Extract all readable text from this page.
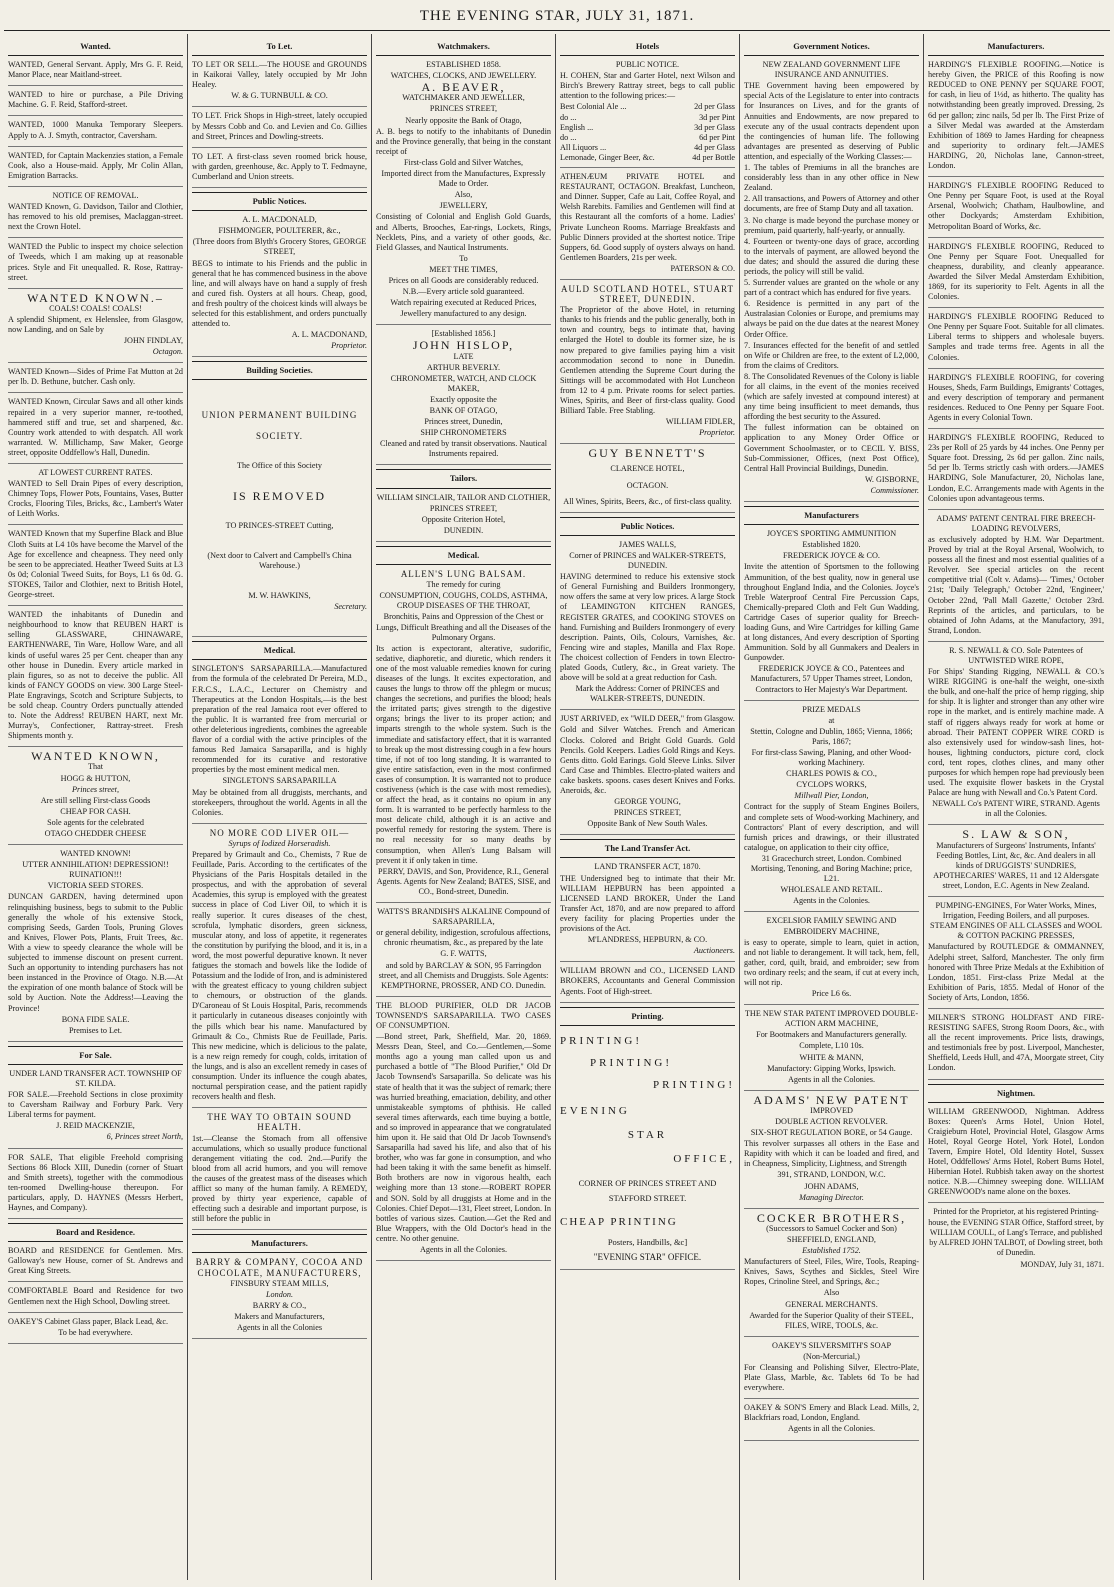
THE EVENING STAR, JULY 31, 1871.
Wanted.

WANTED, General Servant. Apply, Mrs G. F. Reid, Manor Place, near Maitland-street.

WANTED to hire or purchase, a Pile Driving Machine. G. F. Reid, Stafford-street.

WANTED, 1000 Manuka Temporary Sleepers. Apply to A. J. Smyth, contractor, Caversham.

WANTED, for Captain Mackenzies station, a Female Cook, also a House-maid. Apply, Mr Colin Allan, Emigration Barracks.

NOTICE OF REMOVAL.

WANTED Known, G. Davidson, Tailor and Clothier, has removed to his old premises, Maclaggan-street. next the Crown Hotel.

WANTED the Public to inspect my choice selection of Tweeds, which I am making up at reasonable prices. Style and Fit unequalled. R. Rose, Rattray-street.

WANTED KNOWN.–

COALS! COALS! COALS!

A splendid Shipment, ex Helenslee, from Glasgow, now Landing, and on Sale by

JOHN FINDLAY,

Octagon.

WANTED Known—Sides of Prime Fat Mutton at 2d per lb. D. Bethune, butcher. Cash only.

WANTED Known, Circular Saws and all other kinds repaired in a very superior manner, re-toothed, hammered stiff and true, set and sharpened, &c. Country work attended to with despatch. All work warranted. W. Millichamp, Saw Maker, George street, opposite Oddfellow's Hall, Dunedin.

AT LOWEST CURRENT RATES.

WANTED to Sell Drain Pipes of every description, Chimney Tops, Flower Pots, Fountains, Vases, Butter Crocks, Flooring Tiles, Bricks, &c., Lambert's Water of Leith Works.

WANTED Known that my Superfine Black and Blue Cloth Suits at L4 10s have become the Marvel of the Age for excellence and cheapness. They need only be seen to be appreciated. Heather Tweed Suits at L3 0s 0d; Colonial Tweed Suits, for Boys, L1 6s 0d. G. STOKES, Tailor and Clothier, next to British Hotel, George-street.

WANTED the inhabitants of Dunedin and neighbourhood to know that REUBEN HART is selling GLASSWARE, CHINAWARE, EARTHENWARE, Tin Ware, Hollow Ware, and all kinds of useful wares 25 per Cent. cheaper than any other house in Dunedin. Every article marked in plain figures, so as not to deceive the public. All kinds of FANCY GOODS on view. 300 Large Steel-Plate Engravings, Scotch and Scripture Subjects, to be sold cheap. Country Orders punctually attended to. Note the Address! REUBEN HART, next Mr. Murray's, Confectioner, Rattray-street. Fresh Shipments month y.

WANTED KNOWN,

That

HOGG & HUTTON,

Princes street,

Are still selling First-class Goods

CHEAP FOR CASH.

Sole agents for the celebrated

OTAGO CHEDDER CHEESE

WANTED KNOWN!

UTTER ANNIHILATION! DEPRESSION!! RUINATION!!!

VICTORIA SEED STORES.

DUNCAN GARDEN, having determined upon relinquishing business, begs to submit to the Public generally the whole of his extensive Stock, comprising Seeds, Garden Tools, Pruning Gloves and Knives, Flower Pots, Plants, Fruit Trees, &c. With a view to speedy clearance the whole will be subjected to immense discount on present current. Such an opportunity to intending purchasers has not been instanced in the Province of Otago. N.B.—At the expiration of one month balance of Stock will be sold by Auction. Note the Address!—Leaving the Province!

BONA FIDE SALE.

Premises to Let.

For Sale.

UNDER LAND TRANSFER ACT. TOWNSHIP OF ST. KILDA.

FOR SALE.—Freehold Sections in close proximity to Caversham Railway and Forbury Park. Very Liberal terms for payment.

J. REID MACKENZIE,

6, Princes street North,

FOR SALE, That eligible Freehold comprising Sections 86 Block XIII, Dunedin (corner of Stuart and Smith streets), together with the commodious ten-roomed Dwelling-house thereupon. For particulars, apply, D. HAYNES (Messrs Herbert, Haynes, and Company).

Board and Residence.

BOARD and RESIDENCE for Gentlemen. Mrs. Galloway's new House, corner of St. Andrews and Great King Streets.

COMFORTABLE Board and Residence for two Gentlemen next the High School, Dowling street.

OAKEY'S Cabinet Glass paper, Black Lead, &c.

To be had everywhere.

To Let.

TO LET OR SELL.—The HOUSE and GROUNDS in Kaikorai Valley, lately occupied by Mr John Healey.

W. & G. TURNBULL & CO.

TO LET. Frick Shops in High-street, lately occupied by Messrs Cobb and Co. and Levien and Co. Gillies and Street, Princes and Dowling-streets.

TO LET. A first-class seven roomed brick house, with garden, greenhouse, &c. Apply to T. Fedmayne, Cumberland and Union streets.

Public Notices.

A. L. MACDONALD,

FISHMONGER, POULTERER, &c.,

(Three doors from Blyth's Grocery Stores, GEORGE STREET,

BEGS to intimate to his Friends and the public in general that he has commenced business in the above line, and will always have on hand a supply of fresh and cured fish. Oysters at all hours. Cheap, good, and fresh poultry of the choicest kinds will always be selected for this establishment, and orders punctually attended to.

A. L. MACDONAND,

Proprietor.

Building Societies.

UNION PERMANENT BUILDING

SOCIETY.

The Office of this Society

IS REMOVED

TO PRINCES-STREET Cutting,

(Next door to Calvert and Campbell's China Warehouse.)

M. W. HAWKINS,

Secretary.

Medical.

SINGLETON'S SARSAPARILLA.—Manufactured from the formula of the celebrated Dr Pereira, M.D., F.R.C.S., L.A.C., Lecturer on Chemistry and Therapeutics at the London Hospitals,—is the best preparation of the real Jamaica root ever offered to the public. It is warranted free from mercurial or other deleterious ingredients, combines the agreeable flavor of a cordial with the active principles of the famous Red Jamaica Sarsaparilla, and is highly recommended for its curative and restorative properties by the most eminent medical men.

SINGLETON'S SARSAPARILLA

May be obtained from all druggists, merchants, and storekeepers, throughout the world. Agents in all the Colonies.

NO MORE COD LIVER OIL—

Syrups of Iodized Horseradish.

Prepared by Grimault and Co., Chemists, 7 Rue de Feuillade, Paris. According to the certificates of the Physicians of the Paris Hospitals detailed in the prospectus, and with the approbation of several Academies, this syrup is employed with the greatest success in place of Cod Liver Oil, to which it is really superior. It cures diseases of the chest, scrofula, lymphatic disorders, green sickness, muscular atony, and loss of appetite, it regenerates the constitution by purifying the blood, and it is, in a word, the most powerful depurative known. It never fatigues the stomach and bowels like the Iodide of Potassium and the Iodide of Iron, and is administered with the greatest efficacy to young children subject to chemours, or obstruction of the glands. D'Caroneau of St Louis Hospital, Paris, recommends it particularly in cutaneous diseases conjointly with the pills which bear his name. Manufactured by Grimault & Co., Chmists Rue de Feuillade, Paris. This new medicine, which is delicious to the palate, is a new reign remedy for cough, colds, irritation of the lungs, and is also an excellent remedy in cases of consumption. Under its influence the cough abates, nocturnal perspiration cease, and the patient rapidly recovers health and flesh.

THE WAY TO OBTAIN SOUND HEALTH.

1st.—Cleanse the Stomach from all offensive accumulations, which so usually produce functional derangement vitiating the cod. 2nd.—Purify the blood from all acrid humors, and you will remove the causes of the greatest mass of the diseases which afflict so many of the human family. A REMEDY, proved by thirty year experience, capable of effecting such a desirable and important purpose, is still before the public in

Manufacturers.

BARRY & COMPANY, COCOA AND CHOCOLATE, MANUFACTURERS,

FINSBURY STEAM MILLS,

London.

BARRY & CO.,

Makers and Manufacturers,

Agents in all the Colonies

Watchmakers.

ESTABLISHED 1858.

WATCHES, CLOCKS, AND JEWELLERY.

A. BEAVER,

WATCHMAKER AND JEWELLER,

PRINCES STREET,

Nearly opposite the Bank of Otago,

A. B. begs to notify to the inhabitants of Dunedin and the Province generally, that being in the constant receipt of

First-class Gold and Silver Watches,

Imported direct from the Manufactures, Expressly Made to Order.

Also,

JEWELLERY,

Consisting of Colonial and English Gold Guards, and Alberts, Brooches, Ear-rings, Lockets, Rings, Necklets, Pins, and a variety of other goods, &c. Field Glasses, and Nautical Instruments.

To

MEET THE TIMES,

Prices on all Goods are considerably reduced.

N.B.—Every article sold guaranteed.

Watch repairing executed at Reduced Prices,

Jewellery manufactured to any design.

[Established 1856.]

JOHN HISLOP,

LATE

ARTHUR BEVERLY.

CHRONOMETER, WATCH, AND CLOCK MAKER,

Exactly opposite the

BANK OF OTAGO,

Princes street, Dunedin,

SHIP CHRONOMETERS

Cleaned and rated by transit observations. Nautical Instruments repaired.

Tailors.

WILLIAM SINCLAIR, TAILOR AND CLOTHIER,

PRINCES STREET,

Opposite Criterion Hotel,

DUNEDIN.

Medical.

ALLEN'S LUNG BALSAM.

The remedy for curing

CONSUMPTION, COUGHS, COLDS, ASTHMA, CROUP DISEASES OF THE THROAT,

Bronchitis, Pains and Oppression of the Chest or Lungs, Difficult Breathing and all the Diseases of the Pulmonary Organs.

Its action is expectorant, alterative, sudorific, sedative, diaphoretic, and diuretic, which renders it one of the most valuable remedies known for curing diseases of the lungs. It excites expectoration, and causes the lungs to throw off the phlegm or mucus; changes the secretions, and purifies the blood; heals the irritated parts; gives strength to the digestive organs; brings the liver to its proper action; and imparts strength to the whole system. Such is the immediate and satisfactory effect, that it is warranted to break up the most distressing cough in a few hours time, if not of too long standing. It is warranted to give entire satisfaction, even in the most confirmed cases of consumption. It is warranted not to produce costiveness (which is the case with most remedies), or affect the head, as it contains no opium in any form. It is warranted to be perfectly harmless to the most delicate child, although it is an active and powerful remedy for restoring the system. There is no real necessity for so many deaths by consumption, when Allen's Lung Balsam will prevent it if only taken in time.

PERRY, DAVIS, and Son, Providence, R.I., General Agents. Agents for New Zealand; BATES, SISE, and CO., Bond-street, Dunedin.

WATTS'S BRANDISH'S ALKALINE Compound of SARSAPARILLA,

or general debility, indigestion, scrofulous affections, chronic rheumatism, &c., as prepared by the late

G. F. WATTS,

and sold by BARCLAY & SON, 95 Farringdon street, and all Chemists and Druggists. Sole Agents: KEMPTHORNE, PROSSER, AND CO. Dunedin.

THE BLOOD PURIFIER, OLD DR JACOB TOWNSEND'S SARSAPARILLA. TWO CASES OF CONSUMPTION.

—Bond street, Park, Sheffield, Mar. 20, 1869. Messrs Dean, Steel, and Co.—Gentlemen,—Some months ago a young man called upon us and purchased a bottle of "The Blood Purifier," Old Dr Jacob Townsend's Sarsaparilla. So delicate was his state of health that it was the subject of remark; there was hurried breathing, emaciation, debility, and other unmistakeable symptoms of phthisis. He called several times afterwards, each time buying a bottle, and so improved in appearance that we congratulated him upon it. He said that Old Dr Jacob Townsend's Sarsaparilla had saved his life, and also that of his brother, who was far gone in consumption, and who had been taking it with the same benefit as himself. Both brothers are now in vigorous health, each weighing more than 13 stone.—ROBERT ROPER and SON. Sold by all druggists at Home and in the Colonies. Chief Depot—131, Fleet street, London. In bottles of various sizes. Caution.—Get the Red and Blue Wrappers, with the Old Doctor's head in the centre. No other genuine.

Agents in all the Colonies.

Hotels

PUBLIC NOTICE.

H. COHEN, Star and Garter Hotel, next Wilson and Birch's Brewery Rattray street, begs to call public attention to the following prices:—

Best Colonial Ale ...	2d per Glass
do ...	3d per Pint
English ...	3d per Glass
do ...	6d per Pint
All Liquors ...	4d per Glass
Lemonade, Ginger Beer, &c.	4d per Bottle

ATHENÆUM PRIVATE HOTEL and RESTAURANT, OCTAGON. Breakfast, Luncheon, and Dinner. Supper, Cafe au Lait, Coffee Royal, and Welsh Rarebits. Families and Gentlemen will find at this Restaurant all the comforts of a home. Ladies' Private Luncheon Rooms. Marriage Breakfasts and Public Dinners provided at the shortest notice. Tripe Suppers, 6d. Good supply of oysters always on hand. Gentlemen Boarders, 21s per week.

PATERSON & CO.

AULD SCOTLAND HOTEL, STUART STREET, DUNEDIN.

The Proprietor of the above Hotel, in returning thanks to his friends and the public generally, both in town and country, begs to intimate that, having enlarged the Hotel to double its former size, he is now prepared to give families paying him a visit accommodation second to none in Dunedin. Gentlemen attending the Supreme Court during the Sittings will be accommodated with Hot Luncheon from 12 to 4 p.m. Private rooms for select parties. Wines, Spirits, and Beer of first-class quality. Good Billiard Table. Free Stabling.

WILLIAM FIDLER,

Proprietor.

GUY BENNETT'S

CLARENCE HOTEL,

OCTAGON.

All Wines, Spirits, Beers, &c., of first-class quality.

Public Notices.

JAMES WALLS,

Corner of PRINCES and WALKER-STREETS, DUNEDIN.

HAVING determined to reduce his extensive stock of General Furnishing and Builders Ironmongery, now offers the same at very low prices. A large Stock of LEAMINGTON KITCHEN RANGES, REGISTER GRATES, and COOKING STOVES on hand. Furnishing and Builders Ironmongery of every description. Paints, Oils, Colours, Varnishes, &c. Fencing wire and staples, Manilla and Flax Rope. The choicest collection of Fenders in town Electro-plated Goods, Cutlery, &c., in Great variety. The above will be sold at a great reduction for Cash.

Mark the Address: Corner of PRINCES and WALKER-STREETS, DUNEDIN.

JUST ARRIVED, ex "WILD DEER," from Glasgow.

Gold and Silver Watches. French and American Clocks. Colored and Bright Gold Guards. Gold Pencils. Gold Keepers. Ladies Gold Rings and Keys. Gents ditto. Gold Earings. Gold Sleeve Links. Silver Card Case and Thimbles. Electro-plated waiters and cake baskets. spoons. cases desert Knives and Forks. Aneroids, &c.

GEORGE YOUNG,

PRINCES STREET,

Opposite Bank of New South Wales.

The Land Transfer Act.

LAND TRANSFER ACT, 1870.

THE Undersigned beg to intimate that their Mr. WILLIAM HEPBURN has been appointed a LICENSED LAND BROKER, Under the Land Transfer Act, 1870, and are now prepared to afford every facility for placing Properties under the provisions of the Act.

M'LANDRESS, HEPBURN, & CO.

Auctioneers.

WILLIAM BROWN and CO., LICENSED LAND BROKERS, Accountants and General Commission Agents. Foot of High-street.

Printing.

PRINTING!

PRINTING!

PRINTING!

EVENING

STAR

OFFICE,

CORNER OF PRINCES STREET AND

STAFFORD STREET.

CHEAP PRINTING

Posters, Handbills, &c]

"EVENING STAR" OFFICE.

Government Notices.

NEW ZEALAND GOVERNMENT LIFE INSURANCE AND ANNUITIES.

THE Government having been empowered by special Acts of the Legislature to enter into contracts for Insurances on Lives, and for the grants of Annuities and Endowments, are now prepared to execute any of the usual contracts dependent upon the contingencies of human life. The following advantages are presented as deserving of Public attention, and especially of the Working Classes:—

1. The tables of Premiums in all the branches are considerably less than in any other office in New Zealand.

2. All transactions, and Powers of Attorney and other documents, are free of Stamp Duty and all taxation.

3. No charge is made beyond the purchase money or premium, paid quarterly, half-yearly, or annually.

4. Fourteen or twenty-one days of grace, according to the intervals of payment, are allowed beyond the due dates; and should the assured die during these periods, the policy will still be valid.

5. Surrender values are granted on the whole or any part of a contract which has endured for five years.

6. Residence is permitted in any part of the Australasian Colonies or Europe, and premiums may always be paid on the due dates at the nearest Money Order Office.

7. Insurances effected for the benefit of and settled on Wife or Children are free, to the extent of L2,000, from the claims of Creditors.

8. The Consolidated Revenues of the Colony is liable for all claims, in the event of the monies received (which are safely invested at compound interest) at any time being insufficient to meet demands, thus affording the best security to the Assured.

The fullest information can be obtained on application to any Money Order Office or Government Schoolmaster, or to CECIL Y. BISS, Sub-Commissioner, Offices, (next Post Office), Central Hall Provincial Buildings, Dunedin.

W. GISBORNE,

Commissioner.

Manufacturers

JOYCE'S SPORTING AMMUNITION

Established 1820.

FREDERICK JOYCE & CO.

Invite the attention of Sportsmen to the following Ammunition, of the best quality, now in general use throughout England India, and the Colonies. Joyce's Treble Waterproof Central Fire Percussion Caps, Chemically-prepared Cloth and Felt Gun Wadding, Cartridge Cases of superior quality for Breech-loading Guns, and Wire Cartridges for killing Game at long distances, And every description of Sporting Ammunition. Sold by all Gunmakers and Dealers in Gunpowder.

FREDERICK JOYCE & CO., Patentees and Manufacturers, 57 Upper Thames street, London, Contractors to Her Majesty's War Department.

PRIZE MEDALS

at

Stettin, Cologne and Dublin, 1865; Vienna, 1866; Paris, 1867;

For first-class Sawing, Planing, and other Wood-working Machinery.

CHARLES POWIS & CO.,

CYCLOPS WORKS,

Millwall Pier, London,

Contract for the supply of Steam Engines Boilers, and complete sets of Wood-working Machinery, and Contractors' Plant of every description, and will furnish prices and drawings, or their illustrated catalogue, on application to their city office,

31 Gracechurch street, London. Combined Mortising, Tenoning, and Boring Machine; price, L21.

WHOLESALE AND RETAIL.

Agents in the Colonies.

EXCELSIOR FAMILY SEWING AND EMBROIDERY MACHINE,

is easy to operate, simple to learn, quiet in action, and not liable to derangement. It will tack, hem, fell, gather, cord, quilt, braid, and embroider; sew from two ordinary reels; and the seam, if cut at every inch, will not rip.

Price L6 6s.

THE NEW STAR PATENT IMPROVED DOUBLE-ACTION ARM MACHINE,

For Bootmakers and Manufacturers generally.

Complete, L10 10s.

WHITE & MANN,

Manufactory: Gipping Works, Ipswich.

Agents in all the Colonies.

ADAMS' NEW PATENT

IMPROVED

DOUBLE ACTION REVOLVER.

SIX-SHOT REGULATION BORE, or 54 Gauge.

This revolver surpasses all others in the Ease and Rapidity with which it can be loaded and fired, and in Cheapness, Simplicity, Lightness, and Strength

391, STRAND, LONDON, W.C.

JOHN ADAMS,

Managing Director.

COCKER BROTHERS,

(Successors to Samuel Cocker and Son)

SHEFFIELD, ENGLAND,

Established 1752.

Manufacturers of Steel, Files, Wire, Tools, Reaping-Knives, Saws, Scythes and Sickles, Steel Wire Ropes, Crinoline Steel, and Springs, &c.;

Also

GENERAL MERCHANTS.

Awarded for the Superior Quality of their STEEL, FILES, WIRE, TOOLS, &c.

OAKEY'S SILVERSMITH'S SOAP

(Non-Mercurial,)

For Cleansing and Polishing Silver, Electro-Plate, Plate Glass, Marble, &c. Tablets 6d To be had everywhere.

OAKEY & SON'S Emery and Black Lead. Mills, 2, Blackfriars road, London, England.

Agents in all the Colonies.

Manufacturers.

HARDING'S FLEXIBLE ROOFING.—Notice is hereby Given, the PRICE of this Roofing is now REDUCED to ONE PENNY per SQUARE FOOT, for cash, in lieu of 1½d, as hitherto. The quality has notwithstanding been greatly improved. Dressing, 2s 6d per gallon; zinc nails, 5d per lb. The First Prize of a Silver Medal was awarded at the Amsterdam Exhibition of 1869 to James Harding for cheapness and superiority to ordinary felt.—JAMES HARDING, 20, Nicholas lane, Cannon-street, London.

HARDING'S FLEXIBLE ROOFING Reduced to One Penny per Square Foot, is used at the Royal Arsenal, Woolwich; Chatham, Haulbowline, and other Dockyards; Amsterdam Exhibition, Metropolitan Board of Works, &c.

HARDING'S FLEXIBLE ROOFING, Reduced to One Penny per Square Foot. Unequalled for cheapness, durability, and cleanly appearance. Awarded the Silver Medal Amsterdam Exhibition, 1869, for its superiority to Felt. Agents in all the Colonies.

HARDING'S FLEXIBLE ROOFING Reduced to One Penny per Square Foot. Suitable for all climates. Liberal terms to shippers and wholesale buyers. Samples and trade terms free. Agents in all the Colonies.

HARDING'S FLEXIBLE ROOFING, for covering Houses, Sheds, Farm Buildings, Emigrants' Cottages, and every description of temporary and permanent residences. Reduced to One Penny per Square Foot. Agents in every Colonial Town.

HARDING'S FLEXIBLE ROOFING, Reduced to 23s per Roll of 25 yards by 44 inches. One Penny per Square foot. Dressing, 2s 6d per gallon. Zinc nails, 5d per lb. Terms strictly cash with orders.—JAMES HARDING, Sole Manufacturer, 20, Nicholas lane, London, E.C. Arrangements made with Agents in the Colonies upon advantageous terms.

ADAMS' PATENT CENTRAL FIRE BREECH-LOADING REVOLVERS,

as exclusively adopted by H.M. War Department. Proved by trial at the Royal Arsenal, Woolwich, to possess all the finest and most essential qualities of a Revolver. See special articles on the recent competitive trial (Colt v. Adams)— 'Times,' October 21st; 'Daily Telegraph,' October 22nd, 'Engineer,' October 22nd, 'Pall Mall Gazette,' October 23rd. Reprints of the articles, and particulars, to be obtained of John Adams, at the Manufactory, 391, Strand, London.

R. S. NEWALL & CO. Sole Patentees of UNTWISTED WIRE ROPE,

For Ships' Standing Rigging, NEWALL & CO.'s WIRE RIGGING is one-half the weight, one-sixth the bulk, and one-half the price of hemp rigging, ship for ship. It is lighter and stronger than any other wire rope in the market, and is entirely machine made. A staff of riggers always ready for work at home or abroad. Their PATENT COPPER WIRE CORD is also extensively used for window-sash lines, hot-houses, lightning conductors, picture cord, clock cord, tent ropes, clothes clines, and many other purposes for which hempen rope had previously been used. The exquisite flower baskets in the Crystal Palace are hung with Newall and Co.'s Patent Cord.

NEWALL Co's PATENT WIRE, STRAND. Agents in all the Colonies.

S. LAW & SON,

Manufacturers of Surgeons' Instruments, Infants' Feeding Bottles, Lint, &c, &c. And dealers in all kinds of DRUGGISTS' SUNDRIES, APOTHECARIES' WARES, 11 and 12 Aldersgate street, London, E.C. Agents in New Zealand.

PUMPING-ENGINES, For Water Works, Mines, Irrigation, Feeding Boilers, and all purposes. STEAM ENGINES OF ALL CLASSES and WOOL & COTTON PACKING PRESSES,

Manufactured by ROUTLEDGE & OMMANNEY, Adelphi street, Salford, Manchester. The only firm honored with Three Prize Medals at the Exhibition of London, 1851. First-class Prize Medal at the Exhibition of Paris, 1855. Medal of Honor of the Society of Arts, London, 1856.

MILNER'S STRONG HOLDFAST AND FIRE-RESISTING SAFES, Strong Room Doors, &c., with all the recent improvements. Price lists, drawings, and testimonials free by post. Liverpool, Manchester, Sheffield, Leeds Hull, and 47A, Moorgate street, City London.

Nightmen.

WILLIAM GREENWOOD, Nightman. Address Boxes: Queen's Arms Hotel, Union Hotel, Craigieburn Hotel, Provincial Hotel, Glasgow Arms Hotel, Royal George Hotel, York Hotel, London Tavern, Empire Hotel, Old Identity Hotel, Sussex Hotel, Oddfellows' Arms Hotel, Robert Burns Hotel, Hibernian Hotel. Rubbish taken away on the shortest notice. N.B.—Chimney sweeping done. WILLIAM GREENWOOD's name alone on the boxes.

Printed for the Proprietor, at his registered Printing-house, the EVENING STAR Office, Stafford street, by WILLIAM COULL, of Lang's Terrace, and published by ALFRED JOHN TALBOT, of Dowling street, both of Dunedin.

MONDAY, July 31, 1871.
